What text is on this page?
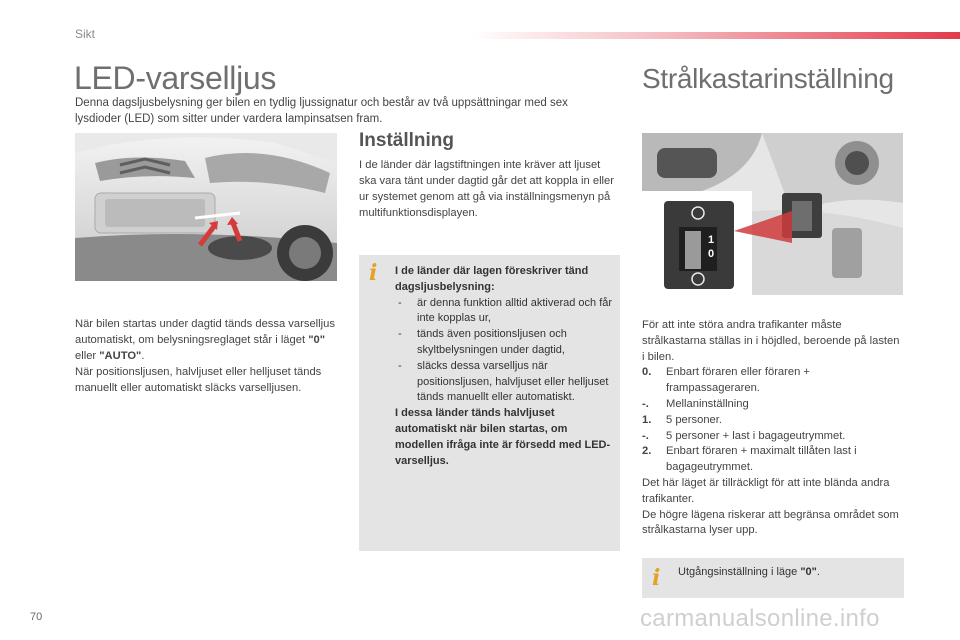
Sikt
LED-varselljus
Denna dagsljusbelysning ger bilen en tydlig ljussignatur och består av två uppsättningar med sex lysdioder (LED) som sitter under vardera lampinsatsen fram.
När bilen startas under dagtid tänds dessa varselljus automatiskt, om belysningsreglaget står i läget "0" eller "AUTO".
När positionsljusen, halvljuset eller helljuset tänds manuellt eller automatiskt släcks varselljusen.
Inställning
I de länder där lagstiftningen inte kräver att ljuset ska vara tänt under dagtid går det att koppla in eller ur systemet genom att gå via inställningsmenyn på multifunktionsdisplayen.
i I de länder där lagen föreskriver tänd dagsljusbelysning:
- är denna funktion alltid aktiverad och får inte kopplas ur,
- tänds även positionsljusen och skyltbelysningen under dagtid,
- släcks dessa varselljus när positionsljusen, halvljuset eller helljuset tänds manuellt eller automatiskt.
I dessa länder tänds halvljuset automatiskt när bilen startas, om modellen ifråga inte är försedd med LED-varselljus.
Strålkastarinställning
1
0
För att inte störa andra trafikanter måste strålkastarna ställas in i höjdled, beroende på lasten i bilen.
0.	Enbart föraren eller föraren + frampassageraren.
-.	Mellaninställning
1.	5 personer.
-.	5 personer + last i bagageutrymmet.
2.	Enbart föraren + maximalt tillåten last i bagageutrymmet.
Det här läget är tillräckligt för att inte blända andra trafikanter.
De högre lägena riskerar att begränsa området som strålkastarna lyser upp.
i Utgångsinställning i läge "0".
70	carmanualsonline.info
